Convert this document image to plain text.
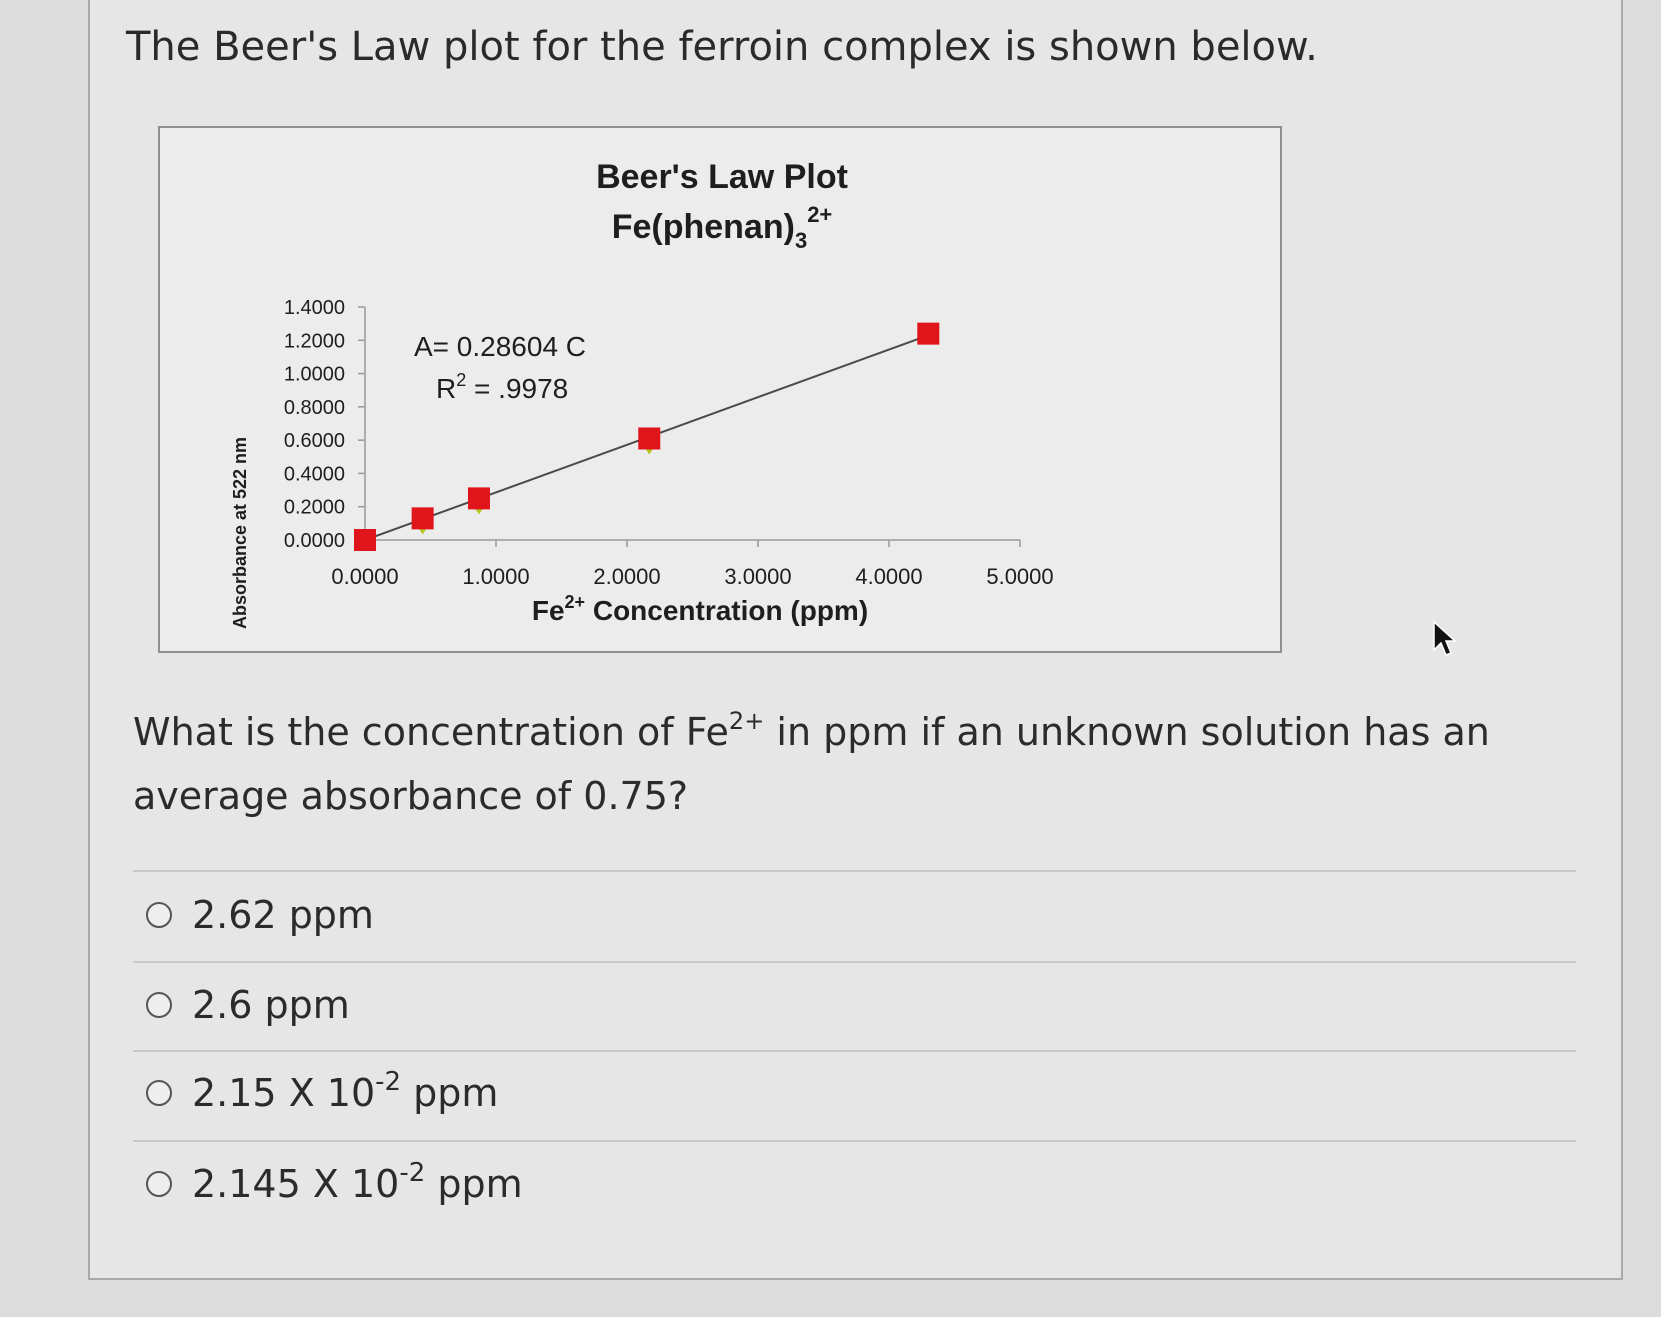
The Beer's Law plot for the ferroin complex is shown below.
Beer's Law Plot
$Fe(phenan)_3^{2+}$
Absorbance at 522 nm	$Fe^{2+}$ Concentration (ppm)
A= 0.28604 C
$R^2 = .9978$
0.0000
0.2000
0.4000
0.6000
0.8000
1.0000
1.2000
1.4000
0.0000	1.0000	2.0000	3.0000	4.0000	5.0000
What is the concentration of $Fe^{2+}$ in ppm if an unknown solution has an average absorbance of 0.75?
2.62 ppm
2.6 ppm
2.15 X $10^{-2}$ ppm
2.145 X $10^{-2}$ ppm
